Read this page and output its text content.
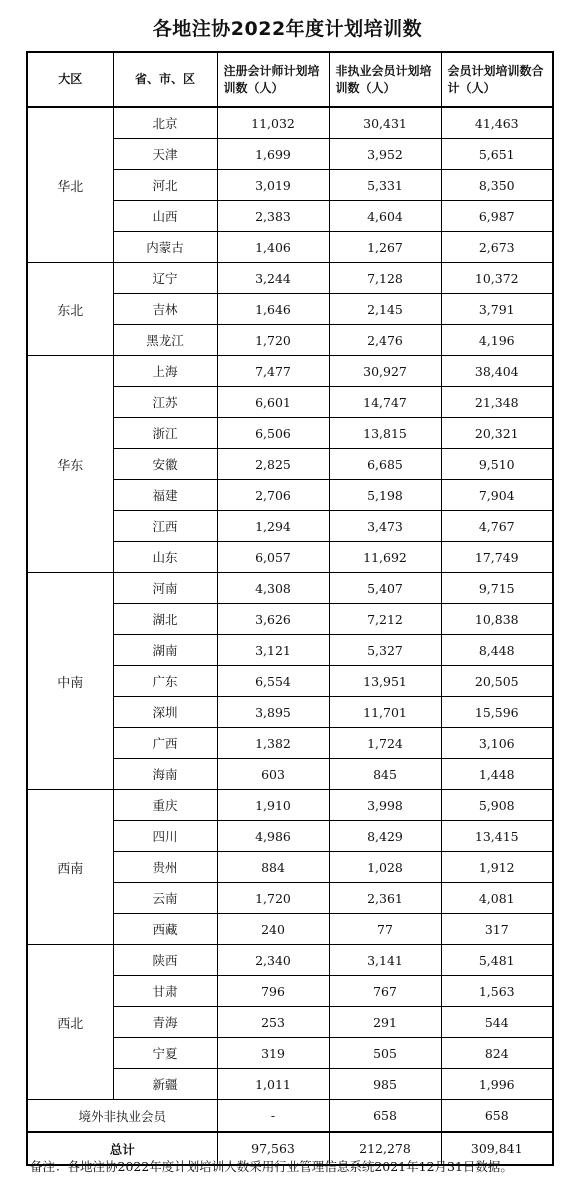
各地注协2022年度计划培训数
大区	省、市、区	注册会计师计划培训数（人）	非执业会员计划培训数（人）	会员计划培训数合计（人）
华北	北京	11,032	30,431	41,463
	天津	1,699	3,952	5,651
	河北	3,019	5,331	8,350
	山西	2,383	4,604	6,987
	内蒙古	1,406	1,267	2,673
东北	辽宁	3,244	7,128	10,372
	吉林	1,646	2,145	3,791
	黑龙江	1,720	2,476	4,196
华东	上海	7,477	30,927	38,404
	江苏	6,601	14,747	21,348
	浙江	6,506	13,815	20,321
	安徽	2,825	6,685	9,510
	福建	2,706	5,198	7,904
	江西	1,294	3,473	4,767
	山东	6,057	11,692	17,749
中南	河南	4,308	5,407	9,715
	湖北	3,626	7,212	10,838
	湖南	3,121	5,327	8,448
	广东	6,554	13,951	20,505
	深圳	3,895	11,701	15,596
	广西	1,382	1,724	3,106
	海南	603	845	1,448
西南	重庆	1,910	3,998	5,908
	四川	4,986	8,429	13,415
	贵州	884	1,028	1,912
	云南	1,720	2,361	4,081
	西藏	240	77	317
西北	陕西	2,340	3,141	5,481
	甘肃	796	767	1,563
	青海	253	291	544
	宁夏	319	505	824
	新疆	1,011	985	1,996
境外非执业会员		-	658	658
总计		97,563	212,278	309,841
备注：各地注协2022年度计划培训人数采用行业管理信息系统2021年12月31日数据。
